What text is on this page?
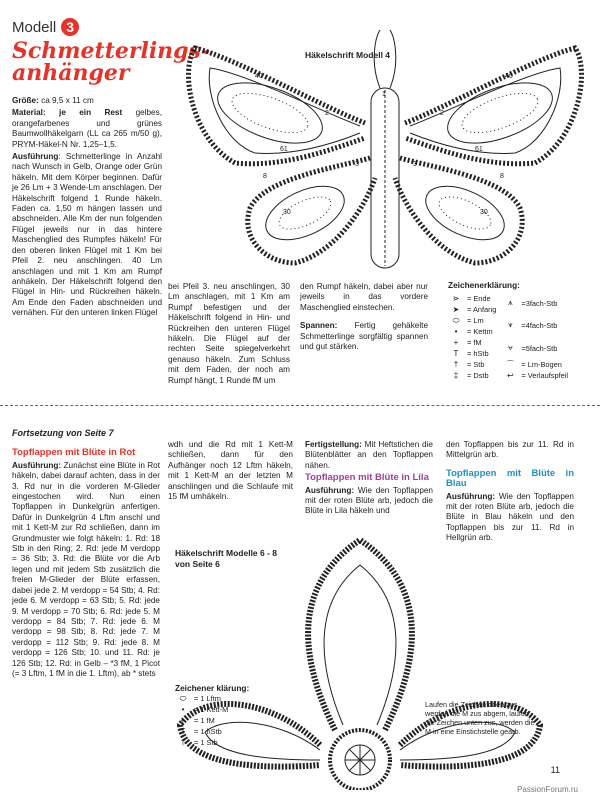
Modell 3
Schmetterlings-
anhänger

Größe: ca 9,5 x 11 cm

Material: je ein Rest gelbes, orangefarbenes und grünes Baumwollhäkelgarn (LL ca 265 m/50 g), PRYM-Häkel-N Nr. 1,25–1,5.

Ausführung: Schmetterlinge in Anzahl nach Wunsch in Gelb, Orange oder Grün häkeln. Mit dem Körper beginnen. Dafür je 26 Lm + 3 Wende-Lm anschlagen. Der Häkelschrift folgend 1 Runde häkeln. Faden ca. 1,50 m hängen lassen und abschneiden. Alle Km der nun folgenden Flügel jeweils nur in das hintere Maschenglied des Rumpfes häkeln! Für den oberen linken Flügel mit 1 Km bei Pfeil 2. neu anschlingen. 40 Lm anschlagen und mit 1 Km am Rumpf anhäkeln. Der Häkelschrift folgend den Flügel in Hin- und Rückreihen häkeln. Am Ende den Faden abschneiden und vernähen. Für den unteren linken Flügel

bei Pfeil 3. neu anschlingen, 30 Lm anschlagen, mit 1 Km am Rumpf befestigen und der Häkelschrift folgend in Hin- und Rückreihen den unteren Flügel häkeln. Die Flügel auf der rechten Seite spiegelverkehrt genauso häkeln. Zum Schluss mit dem Faden, der noch am Rumpf hängt, 1 Runde fM um

den Rumpf häkeln, dabei aber nur jeweils in das vordere Maschenglied einstechen.

Spannen: Fertig gehäkelte Schmetterlinge sorgfältig spannen und gut stärken.

Häkelschrift Modell 4
40	40
30	30
2	2
3	3
1
61	61
8	8
Zeichenerklärung:
⋗	= Ende
➤	= Anfang
⬭	= Lm
•	= Kettm
+	= fM
T	= hStb
†	= Stb
‡	= Dstb
⩚	=3fach-Stb
⩛	=4fach-Stb
⩝	=5fach-Stb
⌒ = Lm-Bogen
↩	= Verlaufspfeil

Fortsetzung von Seite 7

Topflappen mit Blüte in Rot

Ausführung: Zunächst eine Blüte in Rot häkeln, dabei darauf achten, dass in der 3. Rd nur in die vorderen M-Glieder eingestochen wird. Nun einen Topflappen in Dunkelgrün anfertigen. Dafür in Dunkelgrün 4 Lftm anschl und mit 1 Kett-M zur Rd schließen, dann im Grundmuster wie folgt häkeln: 1. Rd: 18 Stb in den Ring; 2. Rd: jede M verdopp = 36 Stb; 3. Rd: die Blüte vor die Arb legen und mit jedem Stb zusätzlich die freien M-Glieder der Blüte erfassen, dabei jede 2. M verdopp = 54 Stb; 4. Rd: jede 6. M verdopp = 63 Stb; 5. Rd: jede 9. M verdopp = 70 Stb; 6. Rd: jede 5. M verdopp = 84 Stb; 7. Rd: jede 6. M verdopp = 98 Stb; 8. Rd: jede 7. M verdopp = 112 Stb; 9. Rd: jede 8. M verdopp = 126 Stb; 10. und 11. Rd: je 126 Stb; 12. Rd: in Gelb – *3 fM, 1 Picot (= 3 Lftm, 1 fM in die 1. Lftm), ab * stets

wdh und die Rd mit 1 Kett-M schließen, dann für den Aufhänger noch 12 Lftm häkeln, mit 1 Kett-M an der letzten M anschlingen und die Schlaufe mit 15 fM umhäkeln.

Fertigstellung: Mit Heftstichen die Blütenblätter an den Topflappen nähen.

Topflappen mit Blüte in Lila

Ausführung: Wie den Topflappen mit der roten Blüte arb, jedoch die Blüte in Lila häkeln und

den Topflappen bis zur 11. Rd in Mittelgrün arb.

Topflappen mit Blüte in Blau

Ausführung: Wie den Topflappen mit der roten Blüte arb, jedoch die Blüte in Blau häkeln und den Topflappen bis zur 11. Rd in Hellgrün arb.

Häkelschrift Modelle 6 - 8
von Seite 6
Zeichener klärung:
⬭	= 1 Lftm
•	= 1 Kett-M
+	= 1 fM
T	= 1 hStb
†	= 1 Stb
Laufen die Zeichen oben zus, werden die M zus abgem, laufen die Zeichen unten zus, werden die M in eine Einstichstelle gearb.
11
PassionForum.ru
